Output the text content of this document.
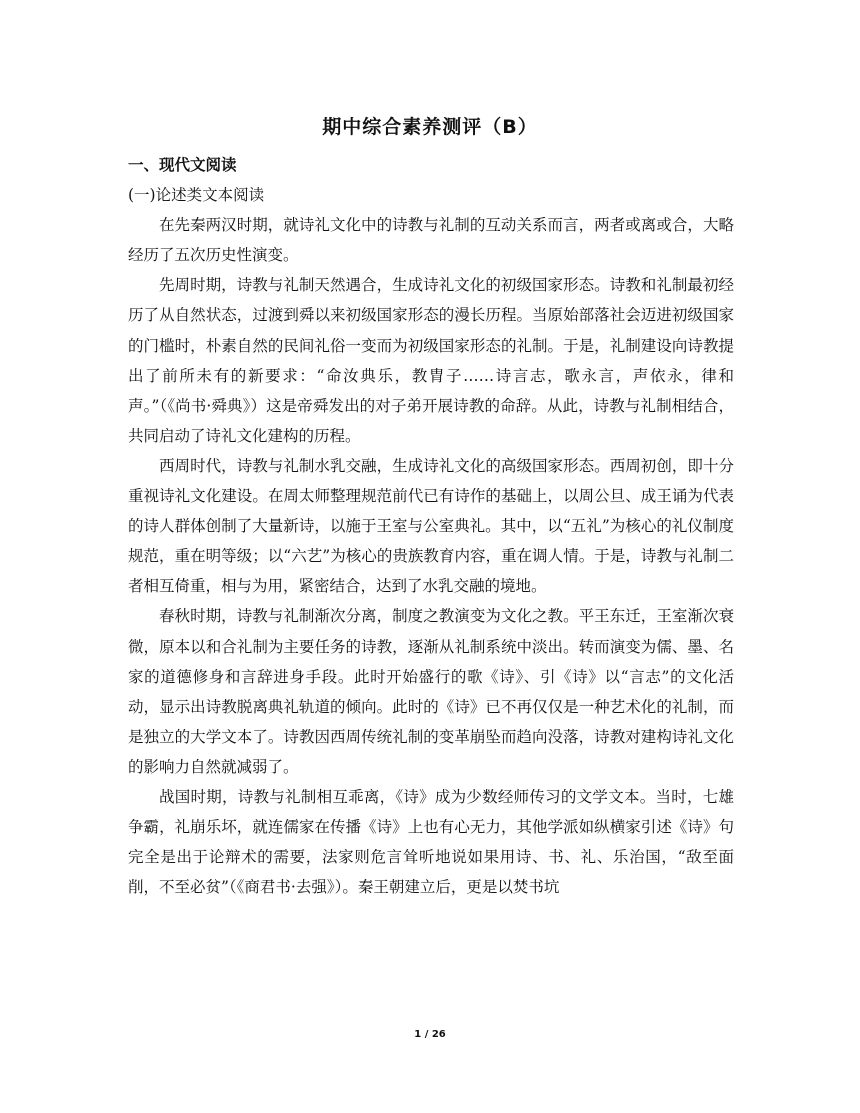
期中综合素养测评（B）

一、现代文阅读

(一)论述类文本阅读

在先秦两汉时期，就诗礼文化中的诗教与礼制的互动关系而言，两者或离或合，大略经历了五次历史性演变。

先周时期，诗教与礼制天然遇合，生成诗礼文化的初级国家形态。诗教和礼制最初经历了从自然状态，过渡到舜以来初级国家形态的漫长历程。当原始部落社会迈进初级国家的门槛时，朴素自然的民间礼俗一变而为初级国家形态的礼制。于是，礼制建设向诗教提出了前所未有的新要求：“命汝典乐，教胄子……诗言志，歌永言，声依永，律和声。”（《尚书·舜典》）这是帝舜发出的对子弟开展诗教的命辞。从此，诗教与礼制相结合，共同启动了诗礼文化建构的历程。

西周时代，诗教与礼制水乳交融，生成诗礼文化的高级国家形态。西周初创，即十分重视诗礼文化建设。在周太师整理规范前代已有诗作的基础上，以周公旦、成王诵为代表的诗人群体创制了大量新诗，以施于王室与公室典礼。其中，以“五礼”为核心的礼仪制度规范，重在明等级；以“六艺”为核心的贵族教育内容，重在调人情。于是，诗教与礼制二者相互倚重，相与为用，紧密结合，达到了水乳交融的境地。

春秋时期，诗教与礼制渐次分离，制度之教演变为文化之教。平王东迁，王室渐次衰微，原本以和合礼制为主要任务的诗教，逐渐从礼制系统中淡出。转而演变为儒、墨、名家的道德修身和言辞进身手段。此时开始盛行的歌《诗》、引《诗》以“言志”的文化活动，显示出诗教脱离典礼轨道的倾向。此时的《诗》已不再仅仅是一种艺术化的礼制，而是独立的大学文本了。诗教因西周传统礼制的变革崩坠而趋向没落，诗教对建构诗礼文化的影响力自然就减弱了。

战国时期，诗教与礼制相互乖离，《诗》成为少数经师传习的文学文本。当时，七雄争霸，礼崩乐坏，就连儒家在传播《诗》上也有心无力，其他学派如纵横家引述《诗》句完全是出于论辩术的需要，法家则危言耸听地说如果用诗、书、礼、乐治国，“敌至面削，不至必贫”（《商君书·去强》）。秦王朝建立后，更是以焚书坑

1 / 26
